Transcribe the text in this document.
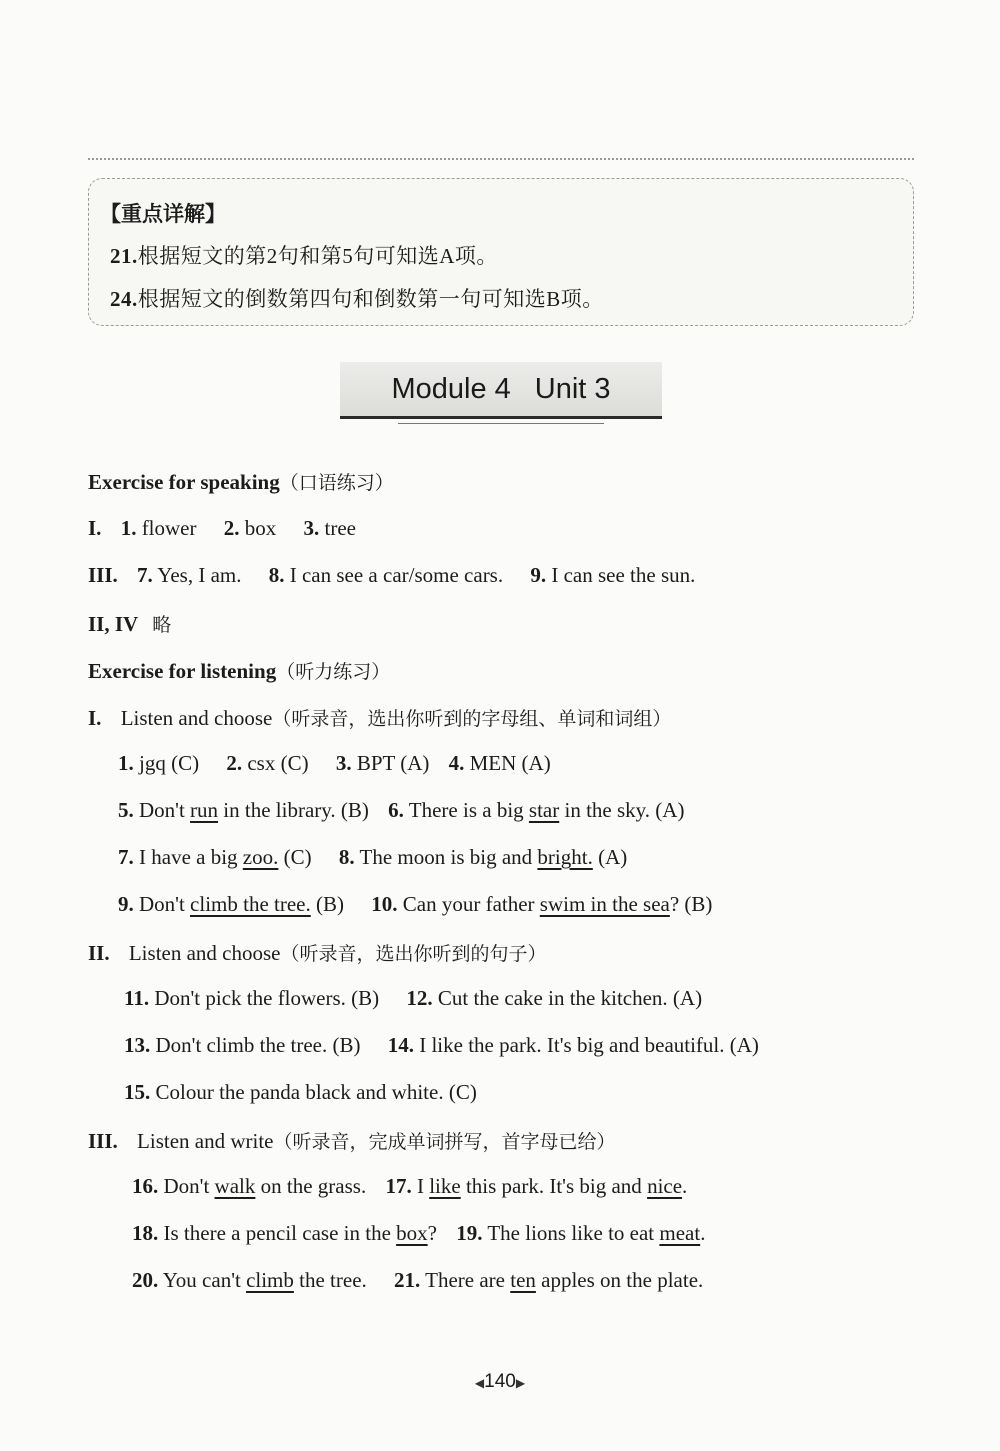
【重点详解】
21.根据短文的第2句和第5句可知选A项。
24.根据短文的倒数第四句和倒数第一句可知选B项。
Module 4 Unit 3
Exercise for speaking（口语练习）
I. 1. flower 2. box 3. tree
III. 7. Yes, I am. 8. I can see a car/some cars. 9. I can see the sun.
II, IV 略
Exercise for listening（听力练习）
I. Listen and choose（听录音，选出你听到的字母组、单词和词组）
1. jgq (C) 2. csx (C) 3. BPT (A) 4. MEN (A)
5. Don't run in the library. (B) 6. There is a big star in the sky. (A)
7. I have a big zoo. (C) 8. The moon is big and bright. (A)
9. Don't climb the tree. (B) 10. Can your father swim in the sea? (B)
II. Listen and choose（听录音，选出你听到的句子）
11. Don't pick the flowers. (B) 12. Cut the cake in the kitchen. (A)
13. Don't climb the tree. (B) 14. I like the park. It's big and beautiful. (A)
15. Colour the panda black and white. (C)
III. Listen and write（听录音，完成单词拼写，首字母已给）
16. Don't walk on the grass. 17. I like this park. It's big and nice.
18. Is there a pencil case in the box? 19. The lions like to eat meat.
20. You can't climb the tree. 21. There are ten apples on the plate.
◀140▶
